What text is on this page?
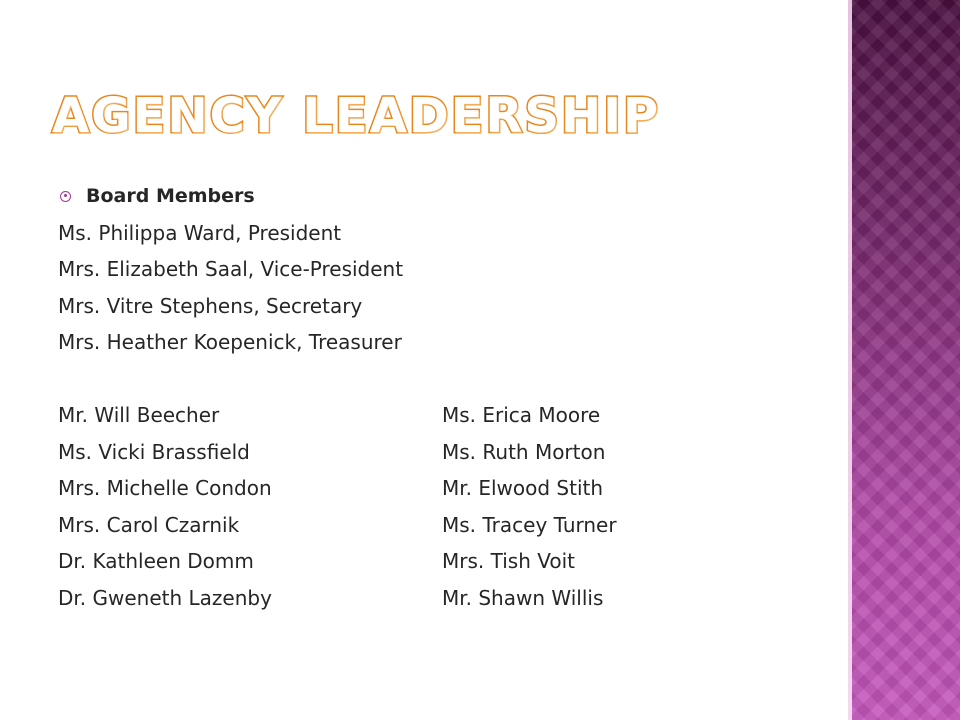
AGENCY LEADERSHIP
Board Members
Ms. Philippa Ward, President
Mrs. Elizabeth Saal, Vice-President
Mrs. Vitre Stephens, Secretary
Mrs. Heather Koepenick, Treasurer
Mr. Will Beecher	Ms. Erica Moore
Ms. Vicki Brassfield	Ms. Ruth Morton
Mrs. Michelle Condon	Mr. Elwood Stith
Mrs. Carol Czarnik	Ms. Tracey Turner
Dr. Kathleen Domm	Mrs. Tish Voit
Dr. Gweneth Lazenby	Mr. Shawn Willis
